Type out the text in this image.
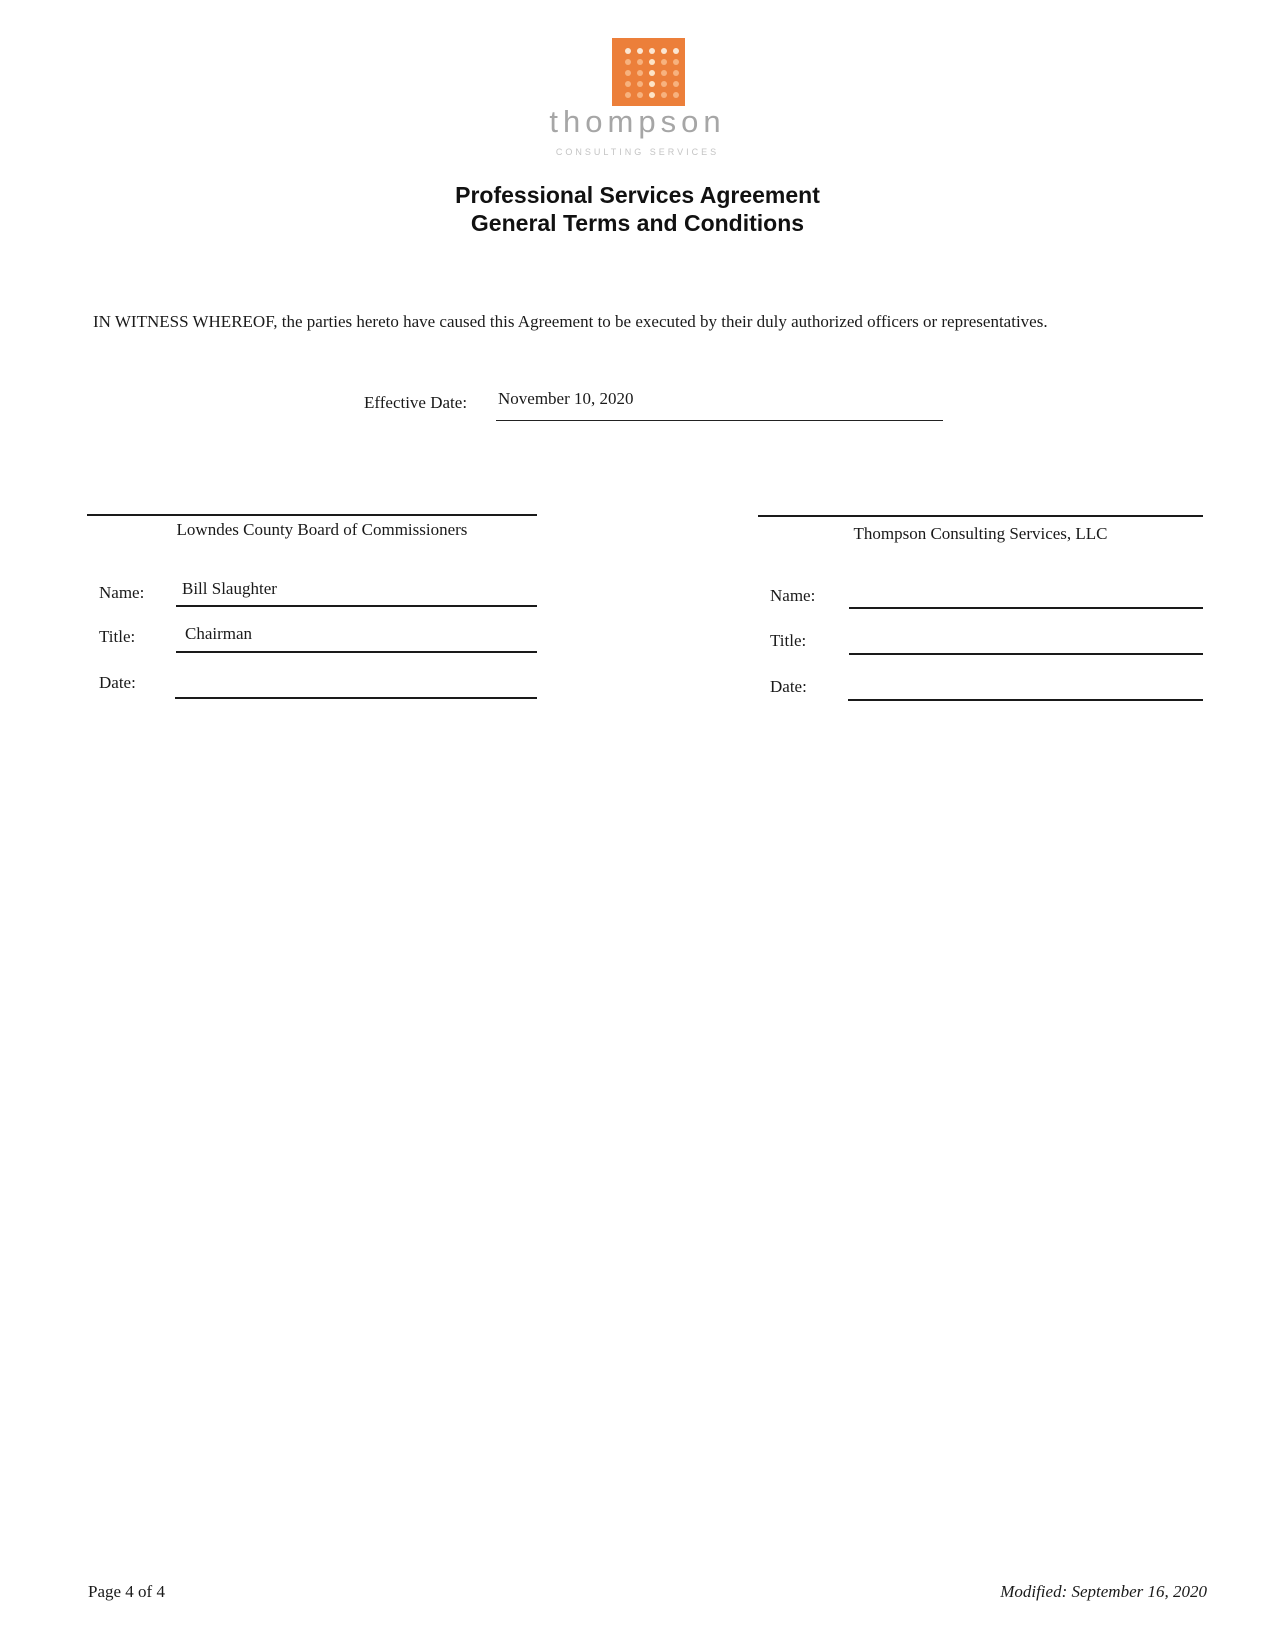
thompson
CONSULTING SERVICES
Professional Services Agreement
General Terms and Conditions
IN WITNESS WHEREOF, the parties hereto have caused this Agreement to be executed by their duly authorized officers or representatives.
Effective Date: November 10, 2020
Lowndes County Board of Commissioners
Name: Bill Slaughter
Title:	Chairman
Date:
Thompson Consulting Services, LLC
Name:
Title:
Date:
Page 4 of 4	Modified: September 16, 2020
